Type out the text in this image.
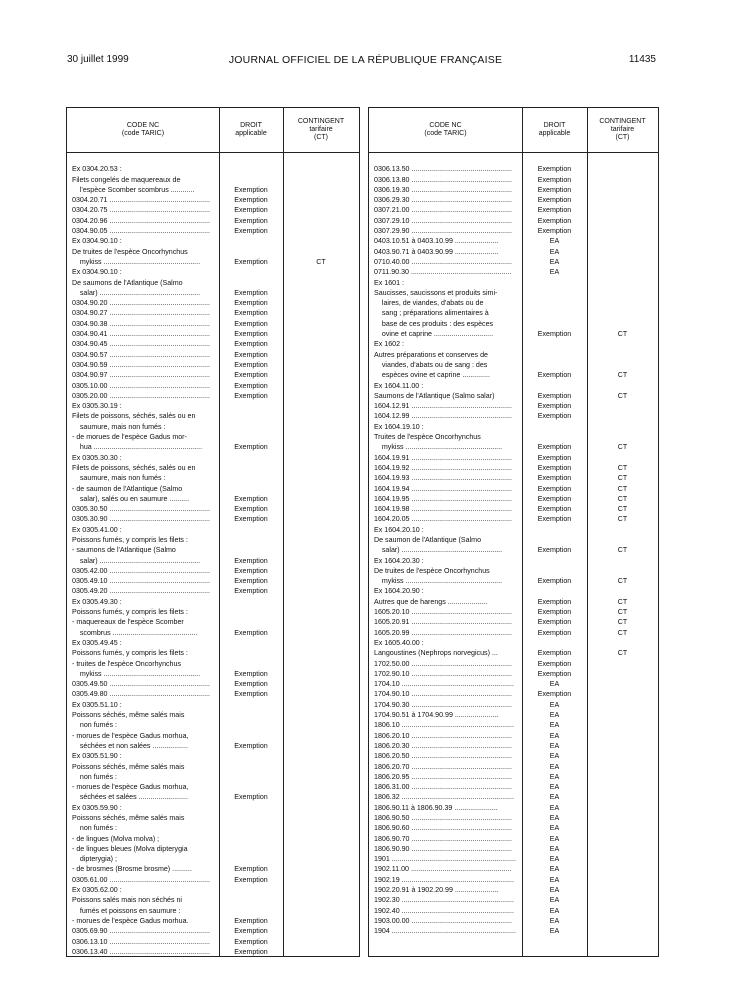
30 juillet 1999	JOURNAL OFFICIEL DE LA RÉPUBLIQUE FRANÇAISE	11435
CODE NC
(code TARIC)
DROIT
applicable
CONTINGENT
tarifaire
(CT)
Ex 0304.20.53 :
Filets congelés de maquereaux de
l'espèce Scomber scombrus ............	Exemption
0304.20.71 ...................................................	Exemption
0304.20.75 ...................................................	Exemption
0304.20.96 ...................................................	Exemption
0304.90.05 ...................................................	Exemption
Ex 0304.90.10 :
De truites de l'espèce Oncorhynchus
mykiss .................................................	Exemption	CT
Ex 0304.90.10 :
De saumons de l'Atlantique (Salmo
salar) ...................................................	Exemption
0304.90.20 ...................................................	Exemption
0304.90.27 ...................................................	Exemption
0304.90.38 ...................................................	Exemption
0304.90.41 ...................................................	Exemption
0304.90.45 ...................................................	Exemption
0304.90.57 ...................................................	Exemption
0304.90.59 ...................................................	Exemption
0304.90.97 ...................................................	Exemption
0305.10.00 ...................................................	Exemption
0305.20.00 ...................................................	Exemption
Ex 0305.30.19 :
Filets de poissons, séchés, salés ou en
saumure, mais non fumés :
- de morues de l'espèce Gadus mor-
hua .......................................................	Exemption
Ex 0305.30.30 :
Filets de poissons, séchés, salés ou en
saumure, mais non fumés :
- de saumon de l'Atlantique (Salmo
salar), salés ou en saumure ..........	Exemption
0305.30.50 ...................................................	Exemption
0305.30.90 ...................................................	Exemption
Ex 0305.41.00 :
Poissons fumés, y compris les filets :
- saumons de l'Atlantique (Salmo
salar) ...................................................	Exemption
0305.42.00 ...................................................	Exemption
0305.49.10 ...................................................	Exemption
0305.49.20 ...................................................	Exemption
Ex 0305.49.30 :
Poissons fumés, y compris les filets :
- maquereaux de l'espèce Scomber
scombrus ...........................................	Exemption
Ex 0305.49.45 :
Poissons fumés, y compris les filets :
- truites de l'espèce Oncorhynchus
mykiss .................................................	Exemption
0305.49.50 ...................................................	Exemption
0305.49.80 ...................................................	Exemption
Ex 0305.51.10 :
Poissons séchés, même salés mais
non fumés :
- morues de l'espèce Gadus morhua,
séchées et non salées ..................	Exemption
Ex 0305.51.90 :
Poissons séchés, même salés mais
non fumés :
- morues de l'espèce Gadus morhua,
séchées et salées .........................	Exemption
Ex 0305.59.90 :
Poissons séchés, même salés mais
non fumés :
- de lingues (Molva molva) ;
- de lingues bleues (Molva dipterygia
dipterygia) ;
- de brosmes (Brosme brosme) ..........	Exemption
0305.61.00 ...................................................	Exemption
Ex 0305.62.00 :
Poissons salés mais non séchés ni
fumés et poissons en saumure :
- morues de l'espèce Gadus morhua.	Exemption
0305.69.90 ...................................................	Exemption
0306.13.10 ...................................................	Exemption
0306.13.40 ...................................................	Exemption
CODE NC
(code TARIC)
DROIT
applicable
CONTINGENT
tarifaire
(CT)
0306.13.50 ...................................................	Exemption
0306.13.80 ...................................................	Exemption
0306.19.30 ...................................................	Exemption
0306.29.30 ...................................................	Exemption
0307.21.00 ...................................................	Exemption
0307.29.10 ...................................................	Exemption
0307.29.90 ...................................................	Exemption
0403.10.51 à 0403.10.99 ......................	EA
0403.90.71 à 0403.90.99 ......................	EA
0710.40.00 ...................................................	EA
0711.90.30 ...................................................	EA
Ex 1601 :
Saucisses, saucissons et produits simi-
laires, de viandes, d'abats ou de
sang ; préparations alimentaires à
base de ces produits : des espèces
ovine et caprine ..............................	Exemption	CT
Ex 1602 :
Autres préparations et conserves de
viandes, d'abats ou de sang : des
espèces ovine et caprine ..............	Exemption	CT
Ex 1604.11.00 :
Saumons de l'Atlantique (Salmo salar)	Exemption	CT
1604.12.91 ...................................................	Exemption
1604.12.99 ...................................................	Exemption
Ex 1604.19.10 :
Truites de l'espèce Oncorhynchus
mykiss .................................................	Exemption	CT
1604.19.91 ...................................................	Exemption
1604.19.92 ...................................................	Exemption	CT
1604.19.93 ...................................................	Exemption	CT
1604.19.94 ...................................................	Exemption	CT
1604.19.95 ...................................................	Exemption	CT
1604.19.98 ...................................................	Exemption	CT
1604.20.05 ...................................................	Exemption	CT
Ex 1604.20.10 :
De saumon de l'Atlantique (Salmo
salar) ...................................................	Exemption	CT
Ex 1604.20.30 :
De truites de l'espèce Oncorhynchus
mykiss .................................................	Exemption	CT
Ex 1604.20.90 :
Autres que de harengs ....................	Exemption	CT
1605.20.10 ...................................................	Exemption	CT
1605.20.91 ...................................................	Exemption	CT
1605.20.99 ...................................................	Exemption	CT
Ex 1605.40.00 :
Langoustines (Nephrops norvegicus) ...	Exemption	CT
1702.50.00 ...................................................	Exemption
1702.90.10 ...................................................	Exemption
1704.10 .........................................................	EA
1704.90.10 ...................................................	Exemption
1704.90.30 ...................................................	EA
1704.90.51 à 1704.90.99 ......................	EA
1806.10 .........................................................	EA
1806.20.10 ...................................................	EA
1806.20.30 ...................................................	EA
1806.20.50 ...................................................	EA
1806.20.70 ...................................................	EA
1806.20.95 ...................................................	EA
1806.31.00 ...................................................	EA
1806.32 .........................................................	EA
1806.90.11 à 1806.90.39 ......................	EA
1806.90.50 ...................................................	EA
1806.90.60 ...................................................	EA
1806.90.70 ...................................................	EA
1806.90.90 ...................................................	EA
1901 ...............................................................	EA
1902.11.00 ...................................................	EA
1902.19 .........................................................	EA
1902.20.91 à 1902.20.99 ......................	EA
1902.30 .........................................................	EA
1902.40 .........................................................	EA
1903.00.00 ...................................................	EA
1904 ...............................................................	EA
